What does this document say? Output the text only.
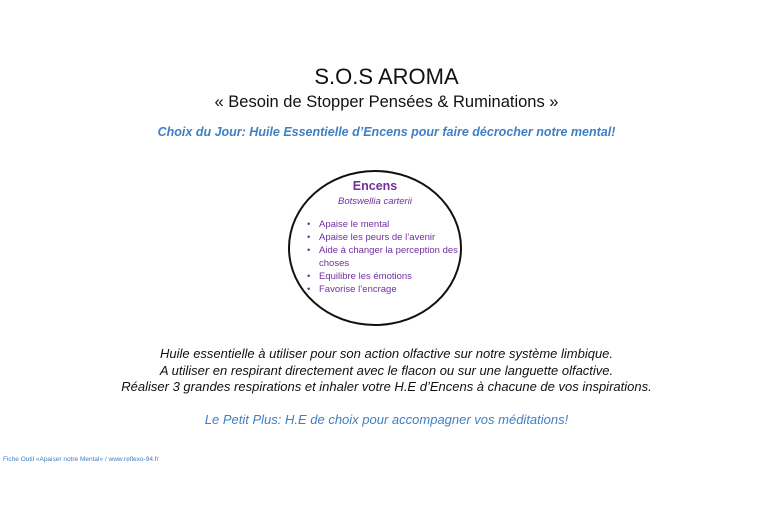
S.O.S AROMA
« Besoin de Stopper Pensées & Ruminations »
Choix du Jour: Huile Essentielle d’Encens pour faire décrocher notre mental!
Encens
Botswellia carterii
• Apaise le mental
• Apaise les peurs de l’avenir
• Aide à changer la perception des choses
• Equilibre les émotions
• Favorise l’encrage
Huile essentielle à utiliser pour son action olfactive sur notre système limbique.
A utiliser en respirant directement avec le flacon ou sur une languette olfactive.
Réaliser 3 grandes respirations et inhaler votre H.E d’Encens à chacune de vos inspirations.
Le Petit Plus: H.E de choix pour accompagner vos méditations!
Fiche Outil «Apaiser notre Mental» / www.reflexo-94.fr
